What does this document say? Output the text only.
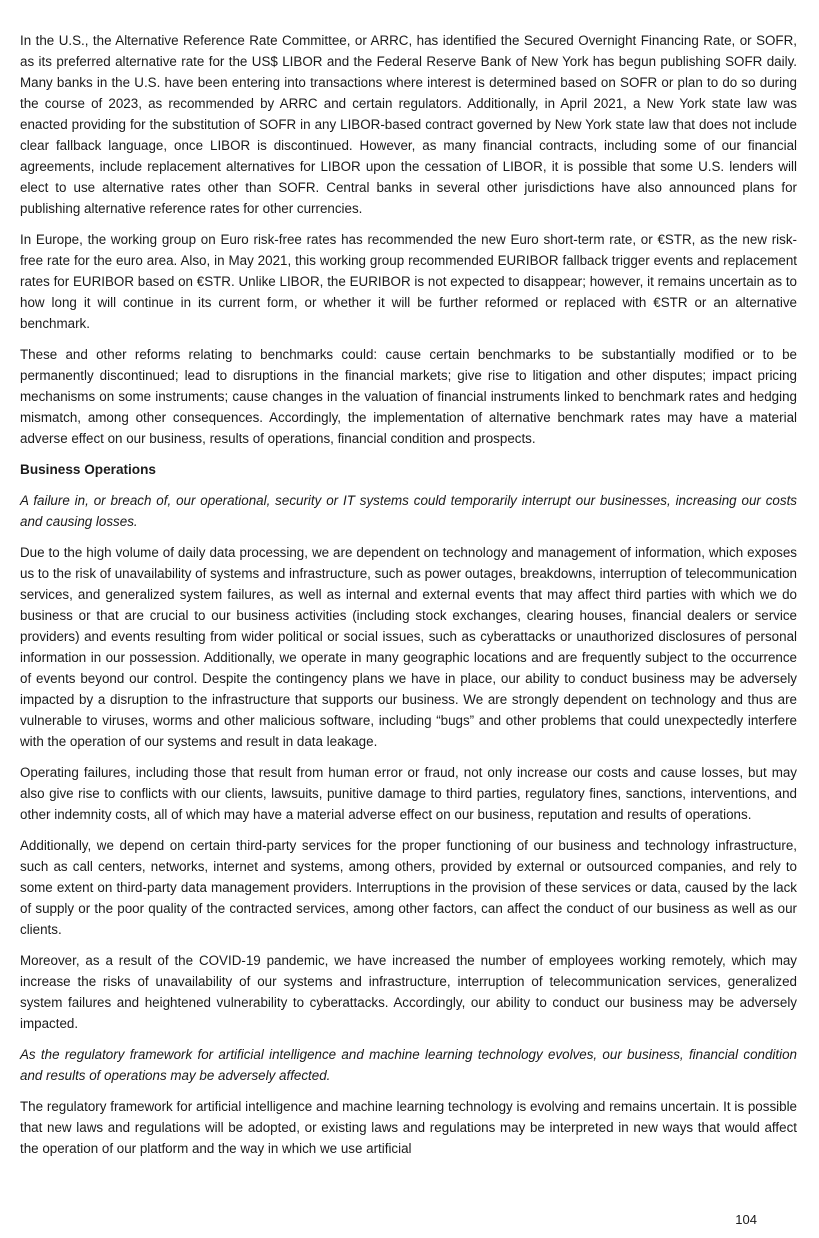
In the U.S., the Alternative Reference Rate Committee, or ARRC, has identified the Secured Overnight Financing Rate, or SOFR, as its preferred alternative rate for the US$ LIBOR and the Federal Reserve Bank of New York has begun publishing SOFR daily. Many banks in the U.S. have been entering into transactions where interest is determined based on SOFR or plan to do so during the course of 2023, as recommended by ARRC and certain regulators. Additionally, in April 2021, a New York state law was enacted providing for the substitution of SOFR in any LIBOR-based contract governed by New York state law that does not include clear fallback language, once LIBOR is discontinued. However, as many financial contracts, including some of our financial agreements, include replacement alternatives for LIBOR upon the cessation of LIBOR, it is possible that some U.S. lenders will elect to use alternative rates other than SOFR. Central banks in several other jurisdictions have also announced plans for publishing alternative reference rates for other currencies.

In Europe, the working group on Euro risk-free rates has recommended the new Euro short-term rate, or €STR, as the new risk-free rate for the euro area. Also, in May 2021, this working group recommended EURIBOR fallback trigger events and replacement rates for EURIBOR based on €STR. Unlike LIBOR, the EURIBOR is not expected to disappear; however, it remains uncertain as to how long it will continue in its current form, or whether it will be further reformed or replaced with €STR or an alternative benchmark.

These and other reforms relating to benchmarks could: cause certain benchmarks to be substantially modified or to be permanently discontinued; lead to disruptions in the financial markets; give rise to litigation and other disputes; impact pricing mechanisms on some instruments; cause changes in the valuation of financial instruments linked to benchmark rates and hedging mismatch, among other consequences. Accordingly, the implementation of alternative benchmark rates may have a material adverse effect on our business, results of operations, financial condition and prospects.

Business Operations

A failure in, or breach of, our operational, security or IT systems could temporarily interrupt our businesses, increasing our costs and causing losses.

Due to the high volume of daily data processing, we are dependent on technology and management of information, which exposes us to the risk of unavailability of systems and infrastructure, such as power outages, breakdowns, interruption of telecommunication services, and generalized system failures, as well as internal and external events that may affect third parties with which we do business or that are crucial to our business activities (including stock exchanges, clearing houses, financial dealers or service providers) and events resulting from wider political or social issues, such as cyberattacks or unauthorized disclosures of personal information in our possession. Additionally, we operate in many geographic locations and are frequently subject to the occurrence of events beyond our control. Despite the contingency plans we have in place, our ability to conduct business may be adversely impacted by a disruption to the infrastructure that supports our business. We are strongly dependent on technology and thus are vulnerable to viruses, worms and other malicious software, including “bugs” and other problems that could unexpectedly interfere with the operation of our systems and result in data leakage.

Operating failures, including those that result from human error or fraud, not only increase our costs and cause losses, but may also give rise to conflicts with our clients, lawsuits, punitive damage to third parties, regulatory fines, sanctions, interventions, and other indemnity costs, all of which may have a material adverse effect on our business, reputation and results of operations.

Additionally, we depend on certain third-party services for the proper functioning of our business and technology infrastructure, such as call centers, networks, internet and systems, among others, provided by external or outsourced companies, and rely to some extent on third-party data management providers. Interruptions in the provision of these services or data, caused by the lack of supply or the poor quality of the contracted services, among other factors, can affect the conduct of our business as well as our clients.

Moreover, as a result of the COVID-19 pandemic, we have increased the number of employees working remotely, which may increase the risks of unavailability of our systems and infrastructure, interruption of telecommunication services, generalized system failures and heightened vulnerability to cyberattacks. Accordingly, our ability to conduct our business may be adversely impacted.

As the regulatory framework for artificial intelligence and machine learning technology evolves, our business, financial condition and results of operations may be adversely affected.

The regulatory framework for artificial intelligence and machine learning technology is evolving and remains uncertain. It is possible that new laws and regulations will be adopted, or existing laws and regulations may be interpreted in new ways that would affect the operation of our platform and the way in which we use artificial

104
